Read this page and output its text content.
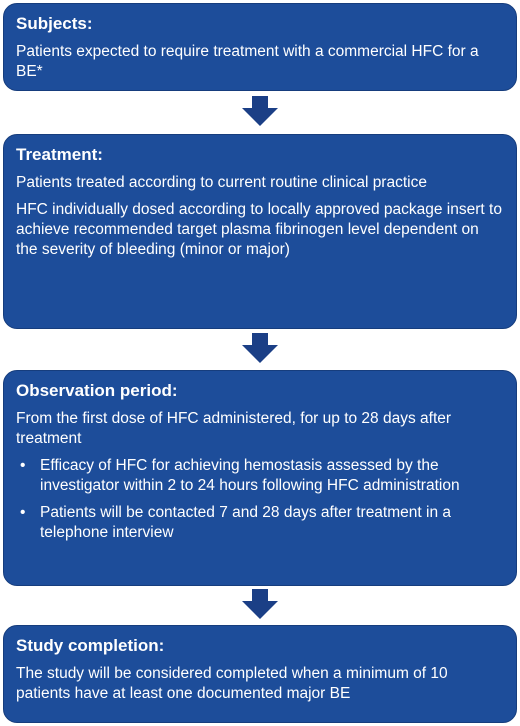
Subjects:
Patients expected to require treatment with a commercial HFC for a BE*
Treatment:
Patients treated according to current routine clinical practice
HFC individually dosed according to locally approved package insert to achieve recommended target plasma fibrinogen level dependent on the severity of bleeding (minor or major)
Observation period:
From the first dose of HFC administered, for up to 28 days after treatment
• Efficacy of HFC for achieving hemostasis assessed by the investigator within 2 to 24 hours following HFC administration
• Patients will be contacted 7 and 28 days after treatment in a telephone interview
Study completion:
The study will be considered completed when a minimum of 10 patients have at least one documented major BE
